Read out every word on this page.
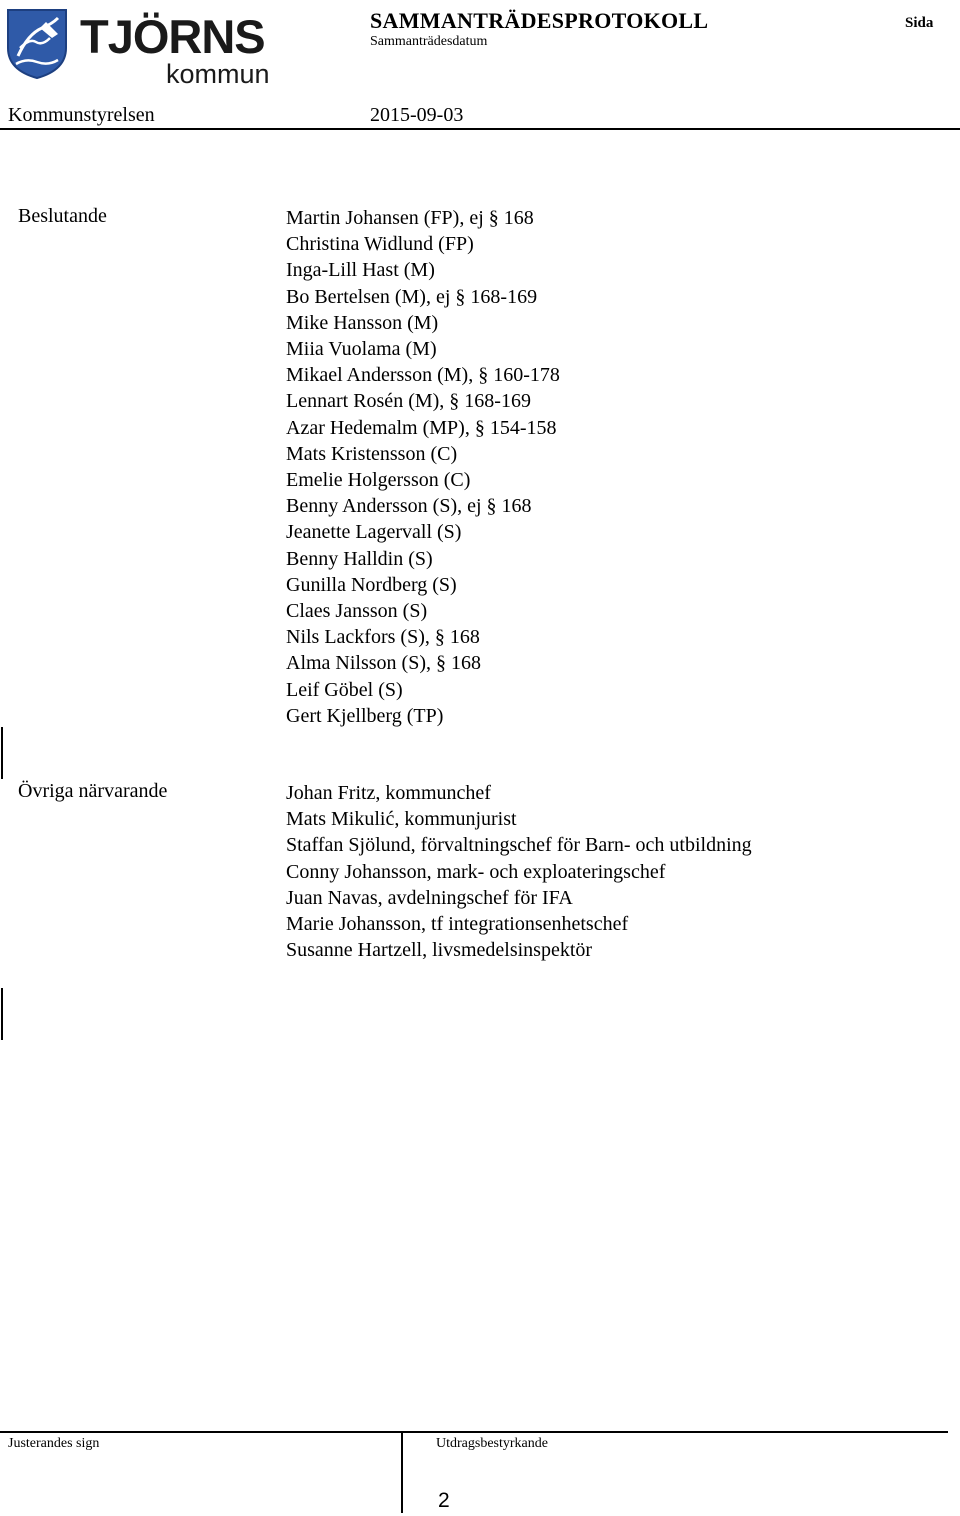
TJÖRNS
kommun
SAMMANTRÄDESPROTOKOLL
Sammanträdesdatum
Sida
Kommunstyrelsen	2015-09-03
Beslutande	Martin Johansen (FP), ej § 168
Christina Widlund (FP)
Inga-Lill Hast (M)
Bo Bertelsen (M), ej § 168-169
Mike Hansson (M)
Miia Vuolama (M)
Mikael Andersson (M), § 160-178
Lennart Rosén (M), § 168-169
Azar Hedemalm (MP), § 154-158
Mats Kristensson (C)
Emelie Holgersson (C)
Benny Andersson (S), ej § 168
Jeanette Lagervall (S)
Benny Halldin (S)
Gunilla Nordberg (S)
Claes Jansson (S)
Nils Lackfors (S), § 168
Alma Nilsson (S), § 168
Leif Göbel (S)
Gert Kjellberg (TP)
Övriga närvarande	Johan Fritz, kommunchef
Mats Mikulić, kommunjurist
Staffan Sjölund, förvaltningschef för Barn- och utbildning
Conny Johansson, mark- och exploateringschef
Juan Navas, avdelningschef för IFA
Marie Johansson, tf integrationsenhetschef
Susanne Hartzell, livsmedelsinspektör
Justerandes sign	Utdragsbestyrkande
2
